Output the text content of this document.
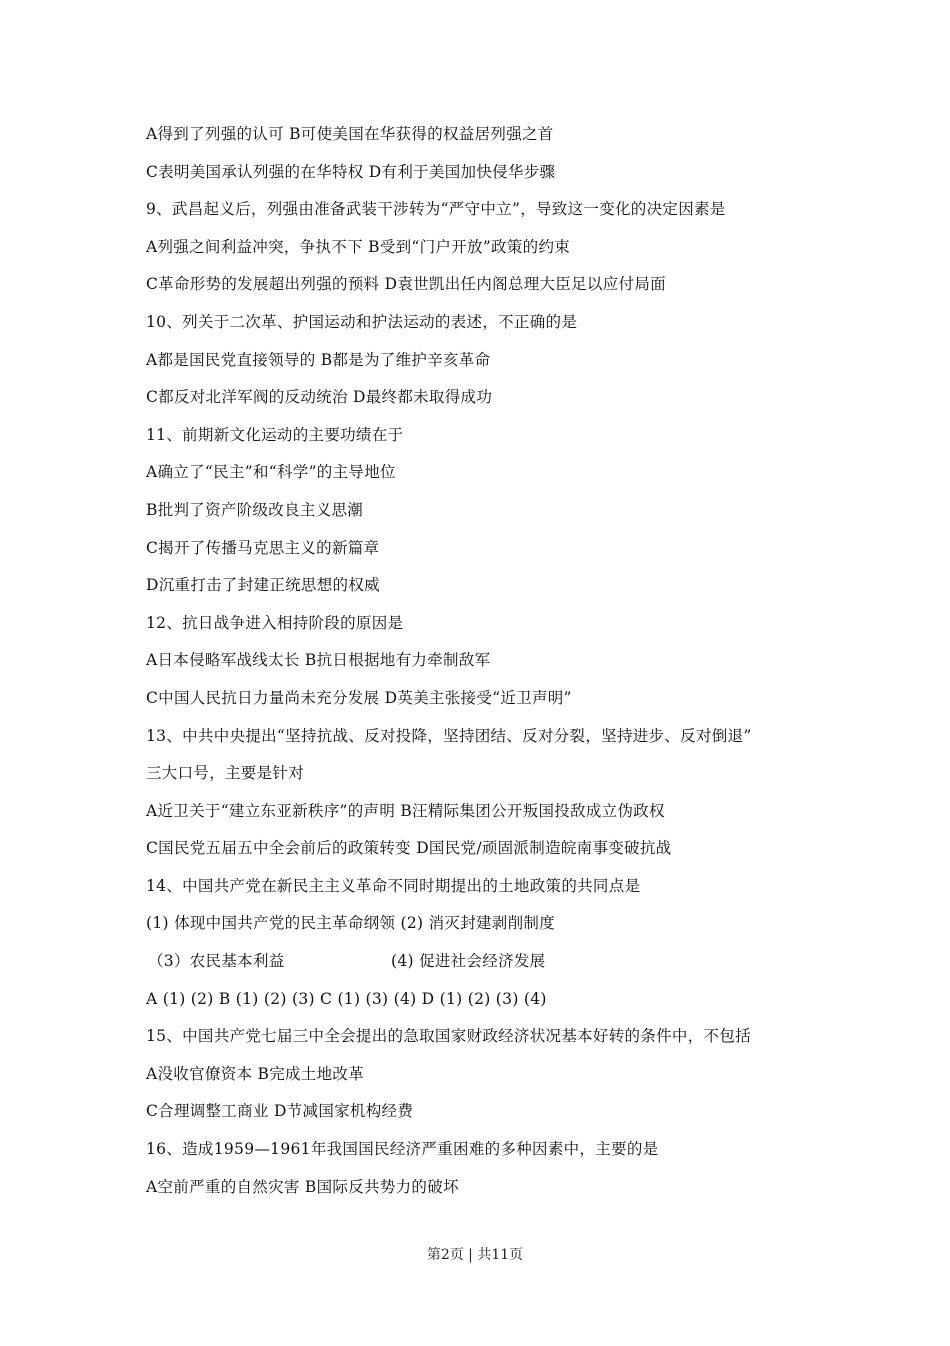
A得到了列强的认可 B可使美国在华获得的权益居列强之首
C表明美国承认列强的在华特权 D有利于美国加快侵华步骤
9、武昌起义后，列强由准备武装干涉转为“严守中立”，导致这一变化的决定因素是
A列强之间利益冲突，争执不下 B受到“门户开放”政策的约束
C革命形势的发展超出列强的预料 D袁世凯出任内阁总理大臣足以应付局面
10、列关于二次革、护国运动和护法运动的表述，不正确的是
A都是国民党直接领导的 B都是为了维护辛亥革命
C都反对北洋军阀的反动统治 D最终都未取得成功
11、前期新文化运动的主要功绩在于
A确立了“民主”和“科学”的主导地位
B批判了资产阶级改良主义思潮
C揭开了传播马克思主义的新篇章
D沉重打击了封建正统思想的权威
12、抗日战争进入相持阶段的原因是
A日本侵略军战线太长 B抗日根据地有力牵制敌军
C中国人民抗日力量尚未充分发展 D英美主张接受“近卫声明”
13、中共中央提出“坚持抗战、反对投降，坚持团结、反对分裂，坚持进步、反对倒退”
三大口号，主要是针对
A近卫关于“建立东亚新秩序”的声明 B汪精际集团公开叛国投敌成立伪政权
C国民党五届五中全会前后的政策转变 D国民党/顽固派制造皖南事变破抗战
14、中国共产党在新民主主义革命不同时期提出的土地政策的共同点是
(1) 体现中国共产党的民主革命纲领 (2) 消灭封建剥削制度
（3）农民基本利益	(4) 促进社会经济发展
A (1) (2) B (1) (2) (3) C (1) (3) (4) D (1) (2) (3) (4)
15、中国共产党七届三中全会提出的急取国家财政经济状况基本好转的条件中，不包括
A没收官僚资本 B完成土地改革
C合理调整工商业 D节减国家机构经费
16、造成1959—1961年我国国民经济严重困难的多种因素中，主要的是
A空前严重的自然灾害 B国际反共势力的破坏
第2页 | 共11页
